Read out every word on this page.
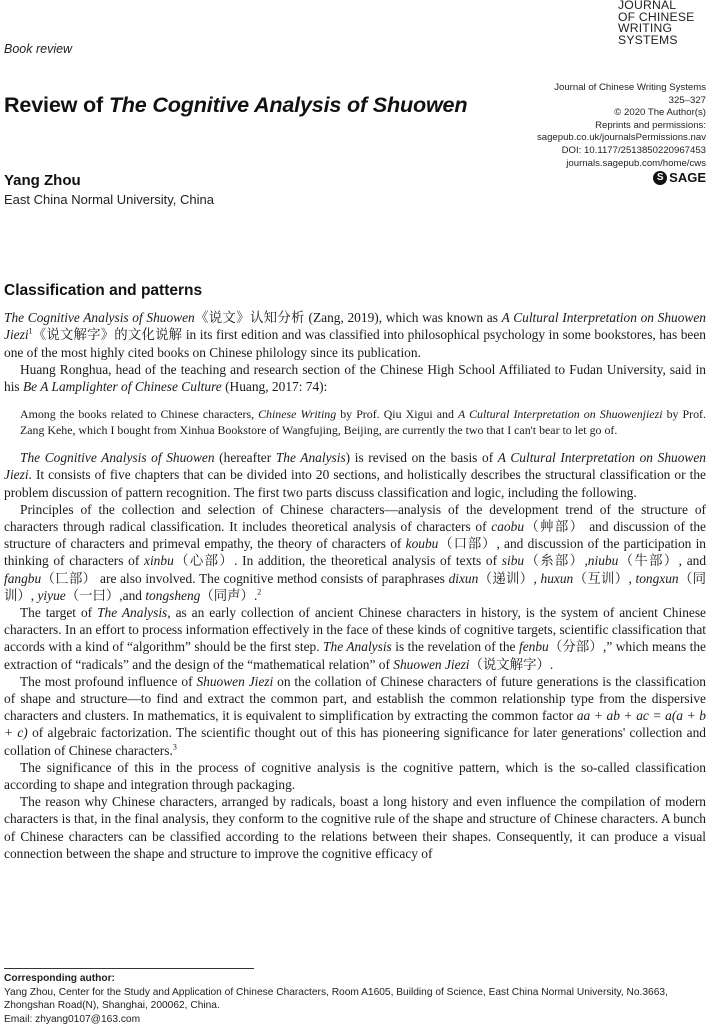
JOURNAL
OF CHINESE
WRITING
SYSTEMS
Book review
Journal of Chinese Writing Systems
325–327
© 2020 The Author(s)
Reprints and permissions:
sagepub.co.uk/journalsPermissions.nav
DOI: 10.1177/2513850220967453
journals.sagepub.com/home/cws
S SAGE
Review of The Cognitive Analysis of Shuowen
Yang Zhou
East China Normal University, China
Classification and patterns

The Cognitive Analysis of Shuowen《说文》认知分析 (Zang, 2019), which was known as A Cultural Interpretation on Shuowen Jiezi$^1$《说文解字》的文化说解 in its first edition and was classified into philosophical psychology in some bookstores, has been one of the most highly cited books on Chinese philology since its publication.

Huang Ronghua, head of the teaching and research section of the Chinese High School Affiliated to Fudan University, said in his Be A Lamplighter of Chinese Culture (Huang, 2017: 74):

Among the books related to Chinese characters, Chinese Writing by Prof. Qiu Xigui and A Cultural Interpretation on Shuowenjiezi by Prof. Zang Kehe, which I bought from Xinhua Bookstore of Wangfujing, Beijing, are currently the two that I can't bear to let go of.

The Cognitive Analysis of Shuowen (hereafter The Analysis) is revised on the basis of A Cultural Interpretation on Shuowen Jiezi. It consists of five chapters that can be divided into 20 sections, and holistically describes the structural classification or the problem discussion of pattern recognition. The first two parts discuss classification and logic, including the following.

Principles of the collection and selection of Chinese characters—analysis of the development trend of the structure of characters through radical classification. It includes theoretical analysis of characters of caobu（艸部） and discussion of the structure of characters and primeval empathy, the theory of characters of koubu（口部）, and discussion of the participation in thinking of characters of xinbu（心部）. In addition, the theoretical analysis of texts of sibu（糸部）,niubu（牛部）, and fangbu（匸部） are also involved. The cognitive method consists of paraphrases dixun（递训）, huxun（互训）, tongxun（同训）, yiyue（一曰）,and tongsheng（同声）.$^2$

The target of The Analysis, as an early collection of ancient Chinese characters in history, is the system of ancient Chinese characters. In an effort to process information effectively in the face of these kinds of cognitive targets, scientific classification that accords with a kind of “algorithm” should be the first step. The Analysis is the revelation of the fenbu（分部）,” which means the extraction of “radicals” and the design of the “mathematical relation” of Shuowen Jiezi（说文解字）.

The most profound influence of Shuowen Jiezi on the collation of Chinese characters of future generations is the classification of shape and structure—to find and extract the common part, and establish the common relationship type from the dispersive characters and clusters. In mathematics, it is equivalent to simplification by extracting the common factor aa + ab + ac = a(a + b + c) of algebraic factorization. The scientific thought out of this has pioneering significance for later generations' collection and collation of Chinese characters.$^3$

The significance of this in the process of cognitive analysis is the cognitive pattern, which is the so-called classification according to shape and integration through packaging.

The reason why Chinese characters, arranged by radicals, boast a long history and even influence the compilation of modern characters is that, in the final analysis, they conform to the cognitive rule of the shape and structure of Chinese characters. A bunch of Chinese characters can be classified according to the relations between their shapes. Consequently, it can produce a visual connection between the shape and structure to improve the cognitive efficacy of

Corresponding author:
Yang Zhou, Center for the Study and Application of Chinese Characters, Room A1605, Building of Science, East China Normal University, No.3663, Zhongshan Road(N), Shanghai, 200062, China.
Email: zhyang0107@163.com
